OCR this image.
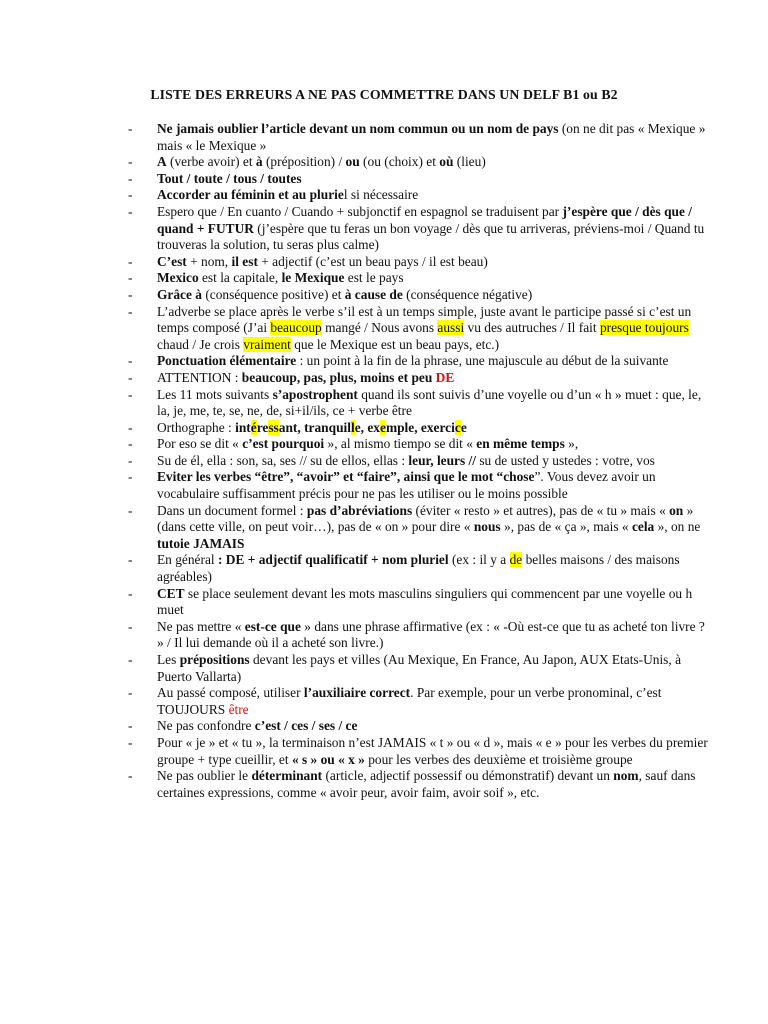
LISTE DES ERREURS A NE PAS COMMETTRE DANS UN DELF B1 ou B2
- Ne jamais oublier l’article devant un nom commun ou un nom de pays (on ne dit pas « Mexique » mais « le Mexique »
- A (verbe avoir) et à (préposition) / ou (ou (choix) et où (lieu)
- Tout / toute / tous / toutes
- Accorder au féminin et au pluriel si nécessaire
- Espero que / En cuanto / Cuando + subjonctif en espagnol se traduisent par j’espère que / dès que / quand + FUTUR (j’espère que tu feras un bon voyage / dès que tu arriveras, préviens-moi / Quand tu trouveras la solution, tu seras plus calme)
- C’est + nom, il est + adjectif (c’est un beau pays / il est beau)
- Mexico est la capitale, le Mexique est le pays
- Grâce à (conséquence positive) et à cause de (conséquence négative)
- L’adverbe se place après le verbe s’il est à un temps simple, juste avant le participe passé si c’est un temps composé (J’ai beaucoup mangé / Nous avons aussi vu des autruches / Il fait presque toujours chaud / Je crois vraiment que le Mexique est un beau pays, etc.)
- Ponctuation élémentaire : un point à la fin de la phrase, une majuscule au début de la suivante
- ATTENTION : beaucoup, pas, plus, moins et peu DE
- Les 11 mots suivants s’apostrophent quand ils sont suivis d’une voyelle ou d’un « h » muet : que, le, la, je, me, te, se, ne, de, si+il/ils, ce + verbe être
- Orthographe : intéressant, tranquille, exemple, exercice
- Por eso se dit « c’est pourquoi », al mismo tiempo se dit « en même temps »,
- Su de él, ella : son, sa, ses // su de ellos, ellas : leur, leurs // su de usted y ustedes : votre, vos
- Eviter les verbes “être”, “avoir” et “faire”, ainsi que le mot “chose”. Vous devez avoir un vocabulaire suffisamment précis pour ne pas les utiliser ou le moins possible
- Dans un document formel : pas d’abréviations (éviter « resto » et autres), pas de « tu » mais « on » (dans cette ville, on peut voir…), pas de « on » pour dire « nous », pas de « ça », mais « cela », on ne tutoie JAMAIS
- En général : DE + adjectif qualificatif + nom pluriel (ex : il y a de belles maisons / des maisons agréables)
- CET se place seulement devant les mots masculins singuliers qui commencent par une voyelle ou h muet
- Ne pas mettre « est-ce que » dans une phrase affirmative (ex : « -Où est-ce que tu as acheté ton livre ? » / Il lui demande où il a acheté son livre.)
- Les prépositions devant les pays et villes (Au Mexique, En France, Au Japon, AUX Etats-Unis, à Puerto Vallarta)
- Au passé composé, utiliser l’auxiliaire correct. Par exemple, pour un verbe pronominal, c’est TOUJOURS être
- Ne pas confondre c’est / ces / ses / ce
- Pour « je » et « tu », la terminaison n’est JAMAIS « t » ou « d », mais « e » pour les verbes du premier groupe + type cueillir, et « s » ou « x » pour les verbes des deuxième et troisième groupe
- Ne pas oublier le déterminant (article, adjectif possessif ou démonstratif) devant un nom, sauf dans certaines expressions, comme « avoir peur, avoir faim, avoir soif », etc.
